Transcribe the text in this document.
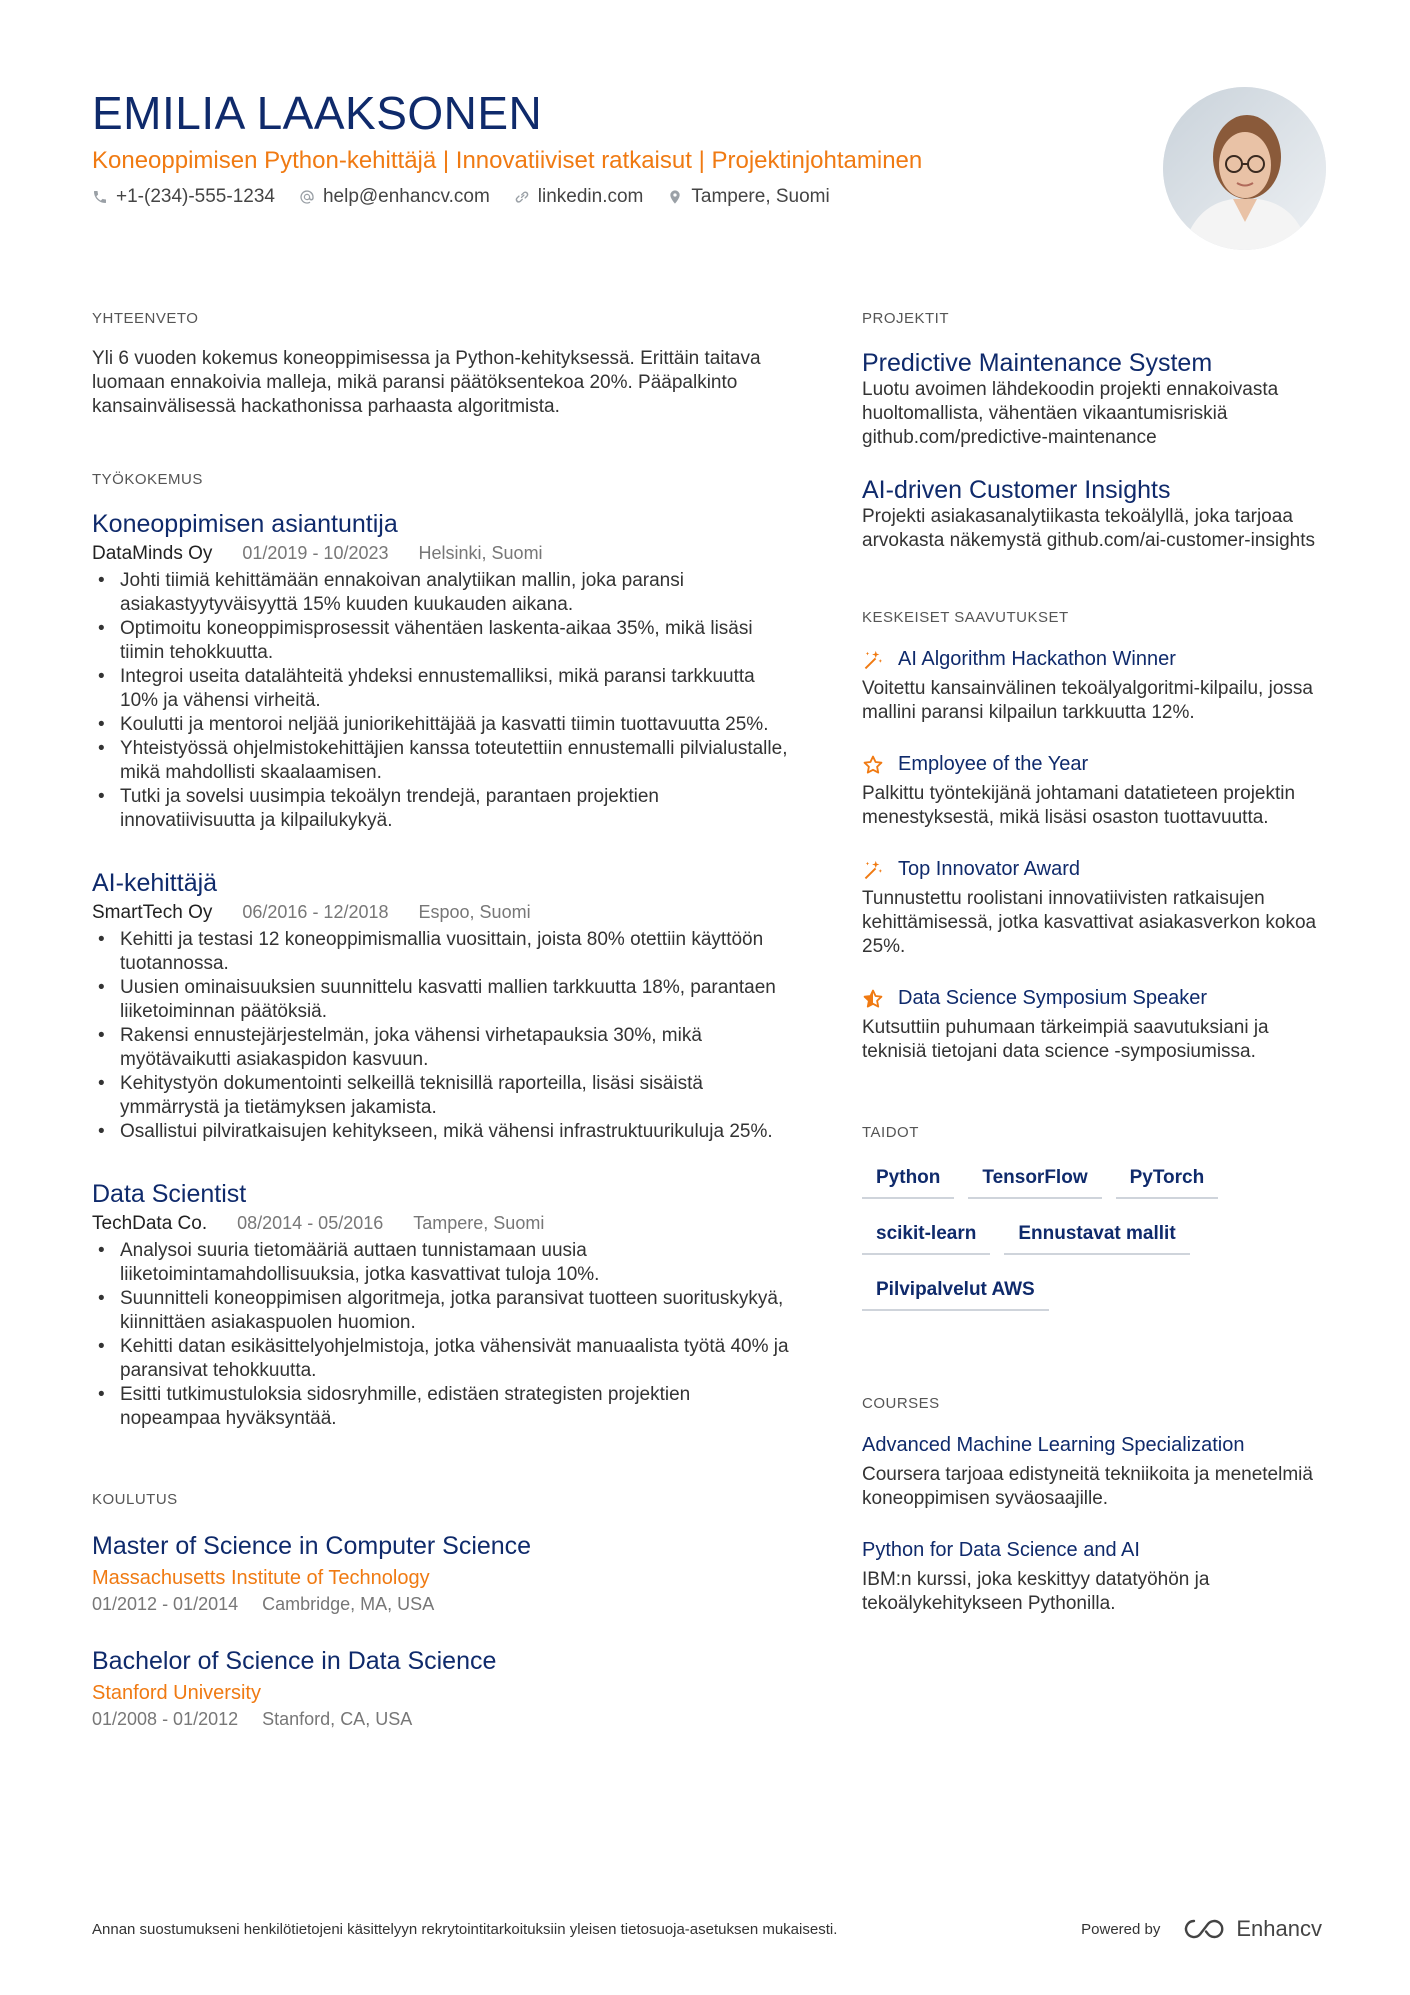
EMILIA LAAKSONEN
Koneoppimisen Python-kehittäjä | Innovatiiviset ratkaisut | Projektinjohtaminen
+1-(234)-555-1234	help@enhancv.com	linkedin.com	Tampere, Suomi
YHTEENVETO
Yli 6 vuoden kokemus koneoppimisessa ja Python-kehityksessä. Erittäin taitava luomaan ennakoivia malleja, mikä paransi päätöksentekoa 20%. Pääpalkinto kansainvälisessä hackathonissa parhaasta algoritmista.
TYÖKOKEMUS
Koneoppimisen asiantuntija
DataMinds Oy 01/2019 - 10/2023 Helsinki, Suomi
• Johti tiimiä kehittämään ennakoivan analytiikan mallin, joka paransi asiakastyytyväisyyttä 15% kuuden kuukauden aikana.
• Optimoitu koneoppimisprosessit vähentäen laskenta-aikaa 35%, mikä lisäsi tiimin tehokkuutta.
• Integroi useita datalähteitä yhdeksi ennustemalliksi, mikä paransi tarkkuutta 10% ja vähensi virheitä.
• Koulutti ja mentoroi neljää juniorikehittäjää ja kasvatti tiimin tuottavuutta 25%.
• Yhteistyössä ohjelmistokehittäjien kanssa toteutettiin ennustemalli pilvialustalle, mikä mahdollisti skaalaamisen.
• Tutki ja sovelsi uusimpia tekoälyn trendejä, parantaen projektien innovatiivisuutta ja kilpailukykyä.
AI-kehittäjä
SmartTech Oy 06/2016 - 12/2018 Espoo, Suomi
• Kehitti ja testasi 12 koneoppimismallia vuosittain, joista 80% otettiin käyttöön tuotannossa.
• Uusien ominaisuuksien suunnittelu kasvatti mallien tarkkuutta 18%, parantaen liiketoiminnan päätöksiä.
• Rakensi ennustejärjestelmän, joka vähensi virhetapauksia 30%, mikä myötävaikutti asiakaspidon kasvuun.
• Kehitystyön dokumentointi selkeillä teknisillä raporteilla, lisäsi sisäistä ymmärrystä ja tietämyksen jakamista.
• Osallistui pilviratkaisujen kehitykseen, mikä vähensi infrastruktuurikuluja 25%.
Data Scientist
TechData Co. 08/2014 - 05/2016 Tampere, Suomi
• Analysoi suuria tietomääriä auttaen tunnistamaan uusia liiketoimintamahdollisuuksia, jotka kasvattivat tuloja 10%.
• Suunnitteli koneoppimisen algoritmeja, jotka paransivat tuotteen suorituskykyä, kiinnittäen asiakaspuolen huomion.
• Kehitti datan esikäsittelyohjelmistoja, jotka vähensivät manuaalista työtä 40% ja paransivat tehokkuutta.
• Esitti tutkimustuloksia sidosryhmille, edistäen strategisten projektien nopeampaa hyväksyntää.
KOULUTUS
Master of Science in Computer Science
Massachusetts Institute of Technology
01/2012 - 01/2014 Cambridge, MA, USA
Bachelor of Science in Data Science
Stanford University
01/2008 - 01/2012 Stanford, CA, USA
PROJEKTIT
Predictive Maintenance System
Luotu avoimen lähdekoodin projekti ennakoivasta huoltomallista, vähentäen vikaantumisriskiä github.com/predictive-maintenance
AI-driven Customer Insights
Projekti asiakasanalytiikasta tekoälyllä, joka tarjoaa arvokasta näkemystä github.com/ai-customer-insights
KESKEISET SAAVUTUKSET
AI Algorithm Hackathon Winner
Voitettu kansainvälinen tekoälyalgoritmi-kilpailu, jossa mallini paransi kilpailun tarkkuutta 12%.
Employee of the Year
Palkittu työntekijänä johtamani datatieteen projektin menestyksestä, mikä lisäsi osaston tuottavuutta.
Top Innovator Award
Tunnustettu roolistani innovatiivisten ratkaisujen kehittämisessä, jotka kasvattivat asiakasverkon kokoa 25%.
Data Science Symposium Speaker
Kutsuttiin puhumaan tärkeimpiä saavutuksiani ja teknisiä tietojani data science -symposiumissa.
TAIDOT
Python	TensorFlow	PyTorch
scikit-learn	Ennustavat mallit
Pilvipalvelut AWS
COURSES
Advanced Machine Learning Specialization
Coursera tarjoaa edistyneitä tekniikoita ja menetelmiä koneoppimisen syväosaajille.
Python for Data Science and AI
IBM:n kurssi, joka keskittyy datatyöhön ja tekoälykehitykseen Pythonilla.
Annan suostumukseni henkilötietojeni käsittelyyn rekrytointitarkoituksiin yleisen tietosuoja-asetuksen mukaisesti.	Powered by	Enhancv
